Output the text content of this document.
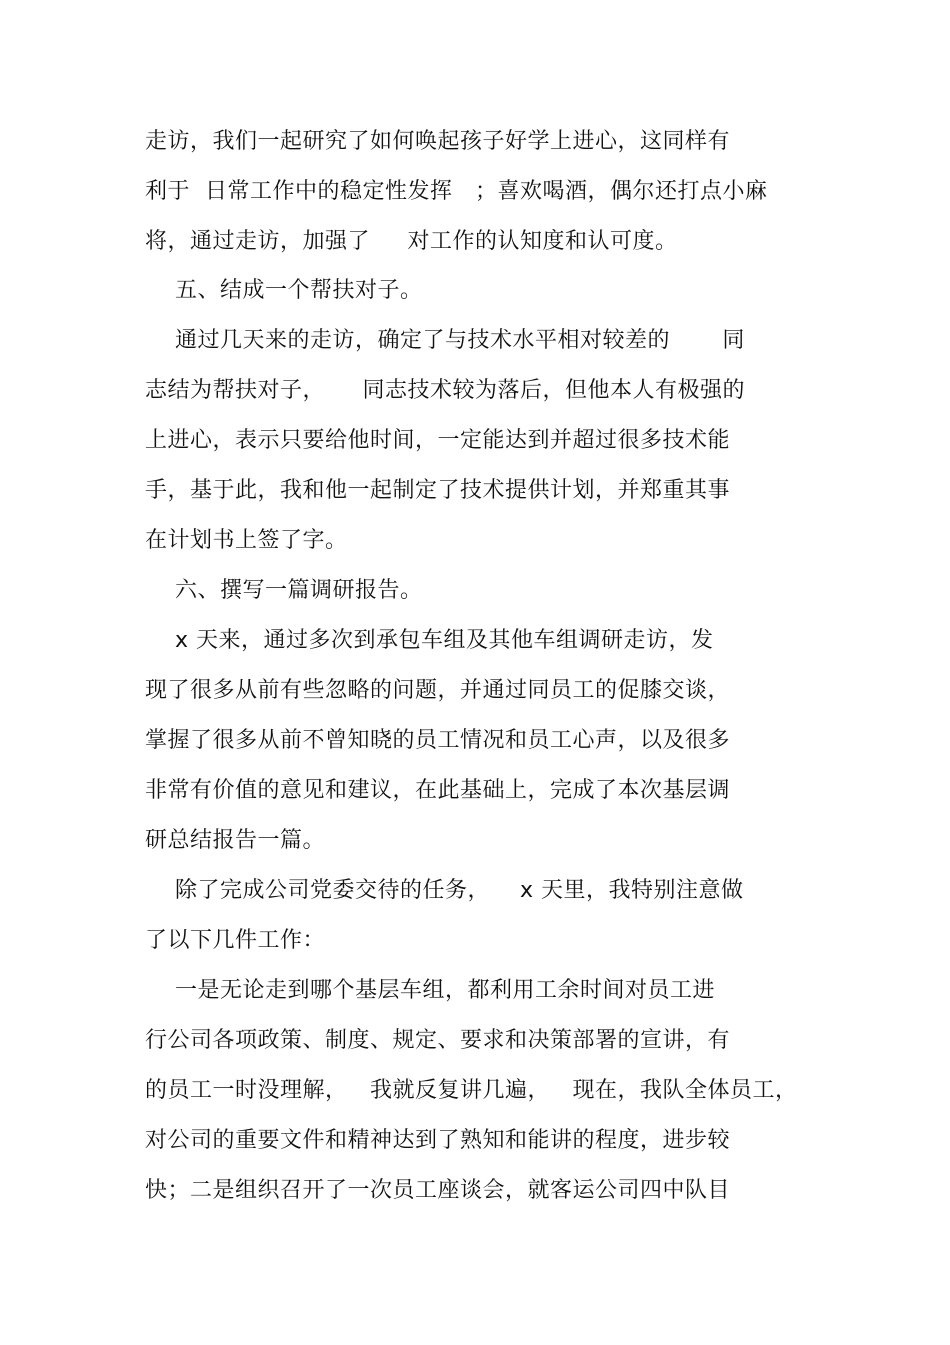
走访，我们一起研究了如何唤起孩子好学上进心，这同样有
利于  日常工作中的稳定性发挥   ；喜欢喝酒，偶尔还打点小麻
将，通过走访，加强了     对工作的认知度和认可度。
五、结成一个帮扶对子。
通过几天来的走访，确定了与技术水平相对较差的       同
志结为帮扶对子，     同志技术较为落后，但他本人有极强的
上进心，表示只要给他时间，一定能达到并超过很多技术能
手，基于此，我和他一起制定了技术提供计划，并郑重其事
在计划书上签了字。
六、撰写一篇调研报告。
x 天来，通过多次到承包车组及其他车组调研走访，发
现了很多从前有些忽略的问题，并通过同员工的促膝交谈，
掌握了很多从前不曾知晓的员工情况和员工心声，以及很多
非常有价值的意见和建议，在此基础上，完成了本次基层调
研总结报告一篇。
除了完成公司党委交待的任务，    x 天里，我特别注意做
了以下几件工作：
一是无论走到哪个基层车组，都利用工余时间对员工进
行公司各项政策、制度、规定、要求和决策部署的宣讲，有
的员工一时没理解，   我就反复讲几遍，   现在，我队全体员工，
对公司的重要文件和精神达到了熟知和能讲的程度，进步较
快；二是组织召开了一次员工座谈会，就客运公司四中队目
